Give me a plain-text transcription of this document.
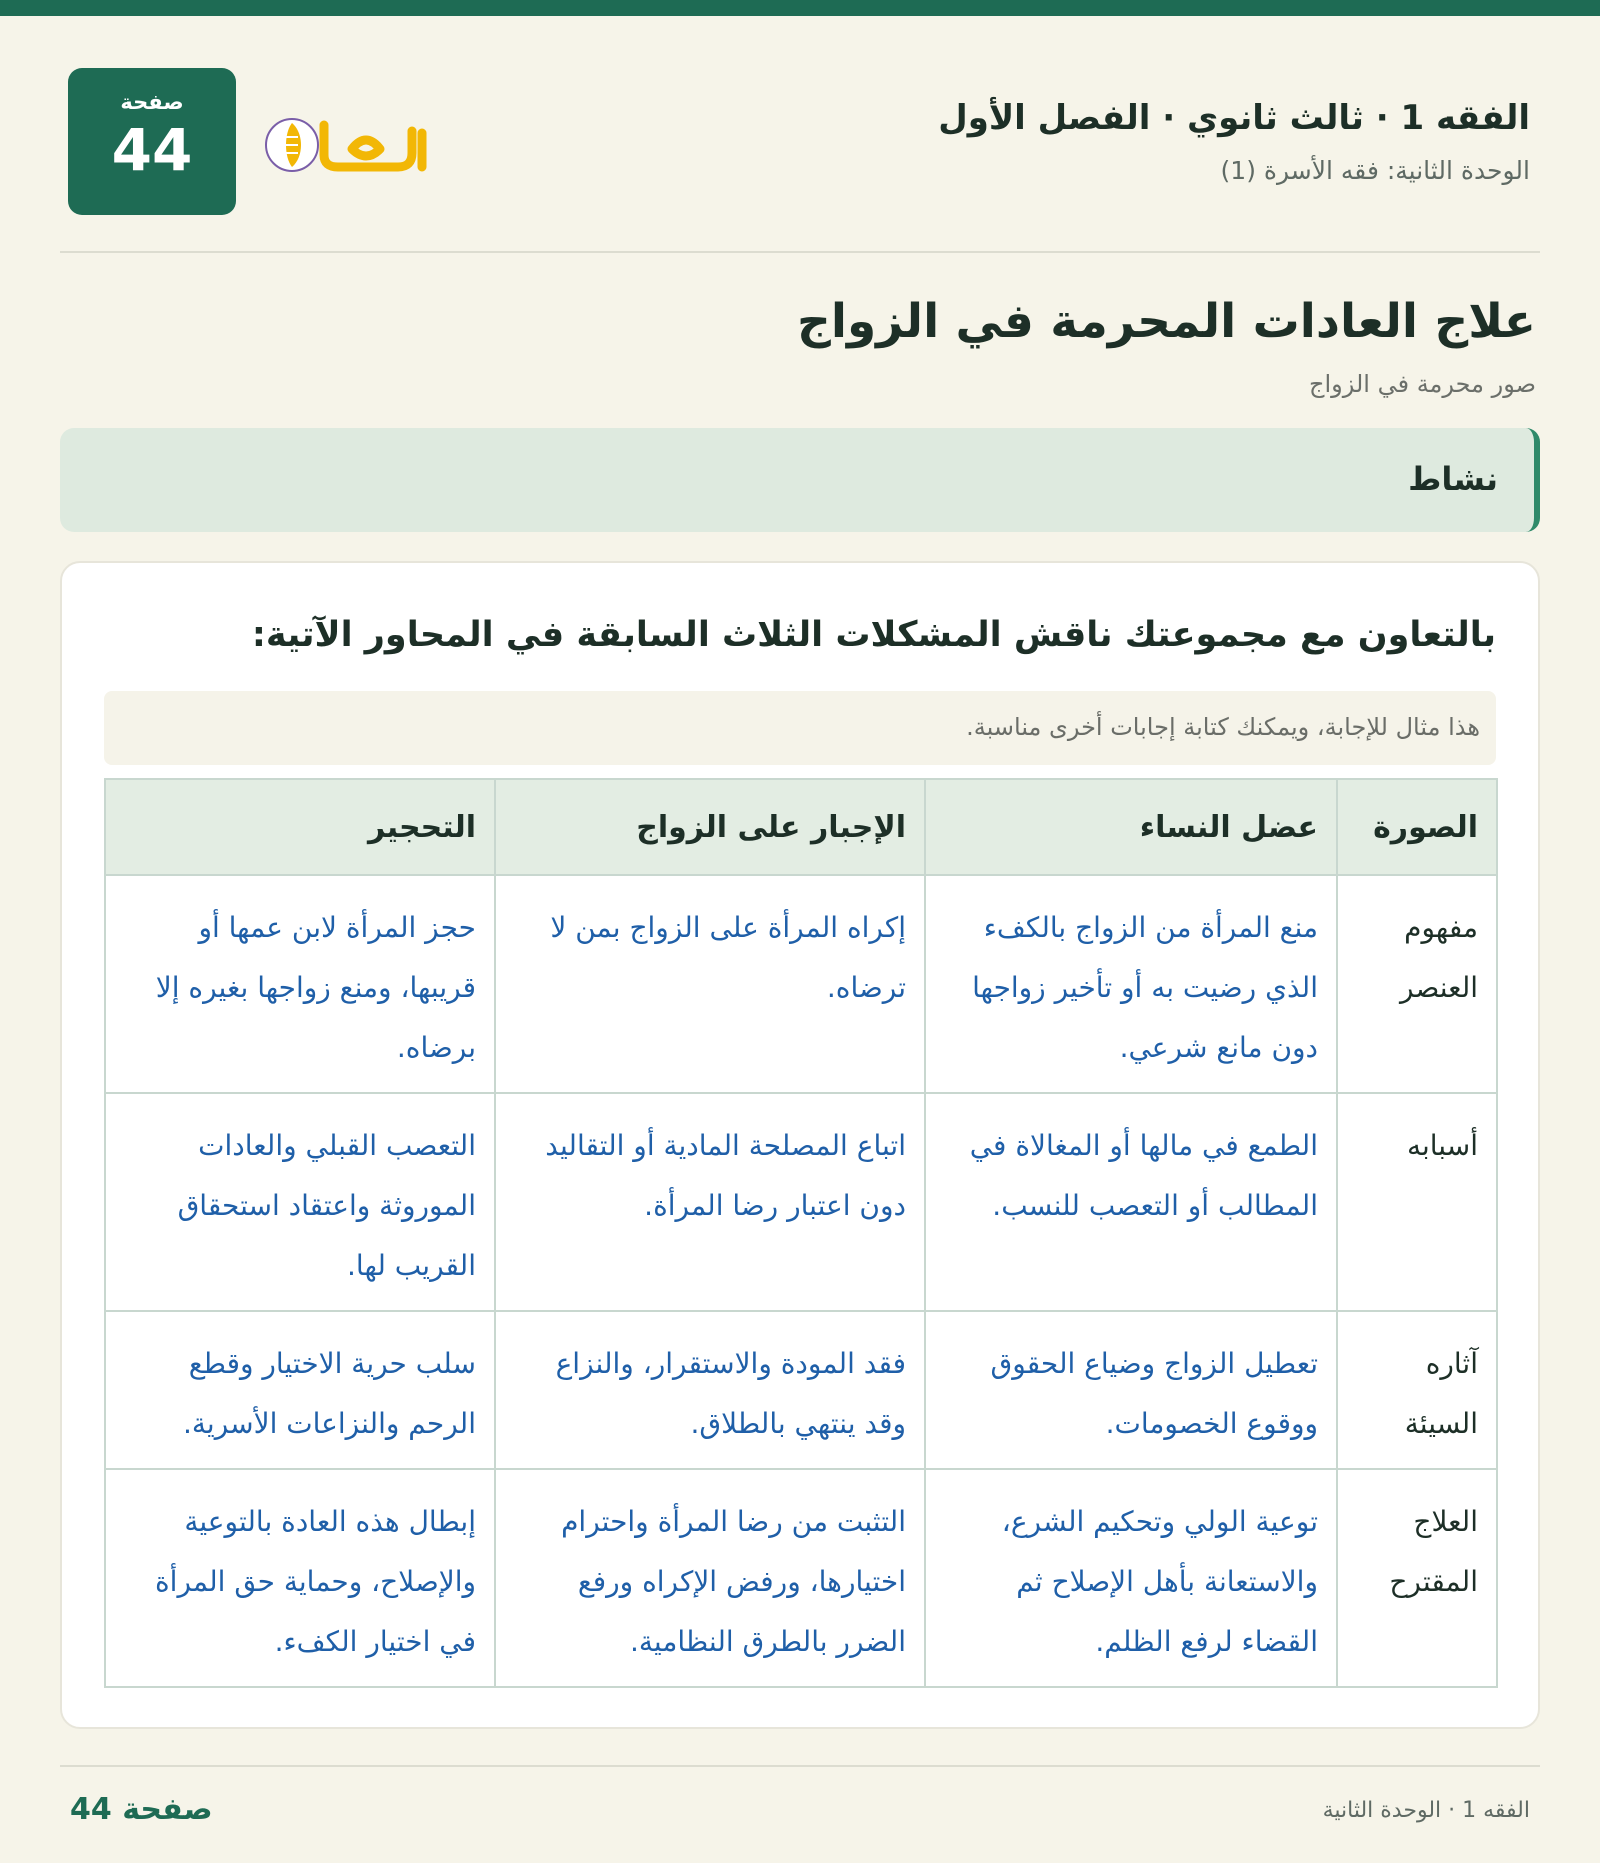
الفقه 1 · ثالث ثانوي · الفصل الأول
الوحدة الثانية: فقه الأسرة (1)
صفحة
44
علاج العادات المحرمة في الزواج
صور محرمة في الزواج
نشاط
بالتعاون مع مجموعتك ناقش المشكلات الثلاث السابقة في المحاور الآتية:
هذا مثال للإجابة، ويمكنك كتابة إجابات أخرى مناسبة.
الصورة	عضل النساء	الإجبار على الزواج	التحجير
مفهوم العنصر	منع المرأة من الزواج بالكفء الذي رضيت به أو تأخير زواجها دون مانع شرعي.	إكراه المرأة على الزواج بمن لا ترضاه.	حجز المرأة لابن عمها أو قريبها، ومنع زواجها بغيره إلا برضاه.
أسبابه	الطمع في مالها أو المغالاة في المطالب أو التعصب للنسب.	اتباع المصلحة المادية أو التقاليد دون اعتبار رضا المرأة.	التعصب القبلي والعادات الموروثة واعتقاد استحقاق القريب لها.
آثاره السيئة	تعطيل الزواج وضياع الحقوق ووقوع الخصومات.	فقد المودة والاستقرار، والنزاع وقد ينتهي بالطلاق.	سلب حرية الاختيار وقطع الرحم والنزاعات الأسرية.
العلاج المقترح	توعية الولي وتحكيم الشرع، والاستعانة بأهل الإصلاح ثم القضاء لرفع الظلم.	التثبت من رضا المرأة واحترام اختيارها، ورفض الإكراه ورفع الضرر بالطرق النظامية.	إبطال هذه العادة بالتوعية والإصلاح، وحماية حق المرأة في اختيار الكفء.
الفقه 1 · الوحدة الثانية
صفحة 44
